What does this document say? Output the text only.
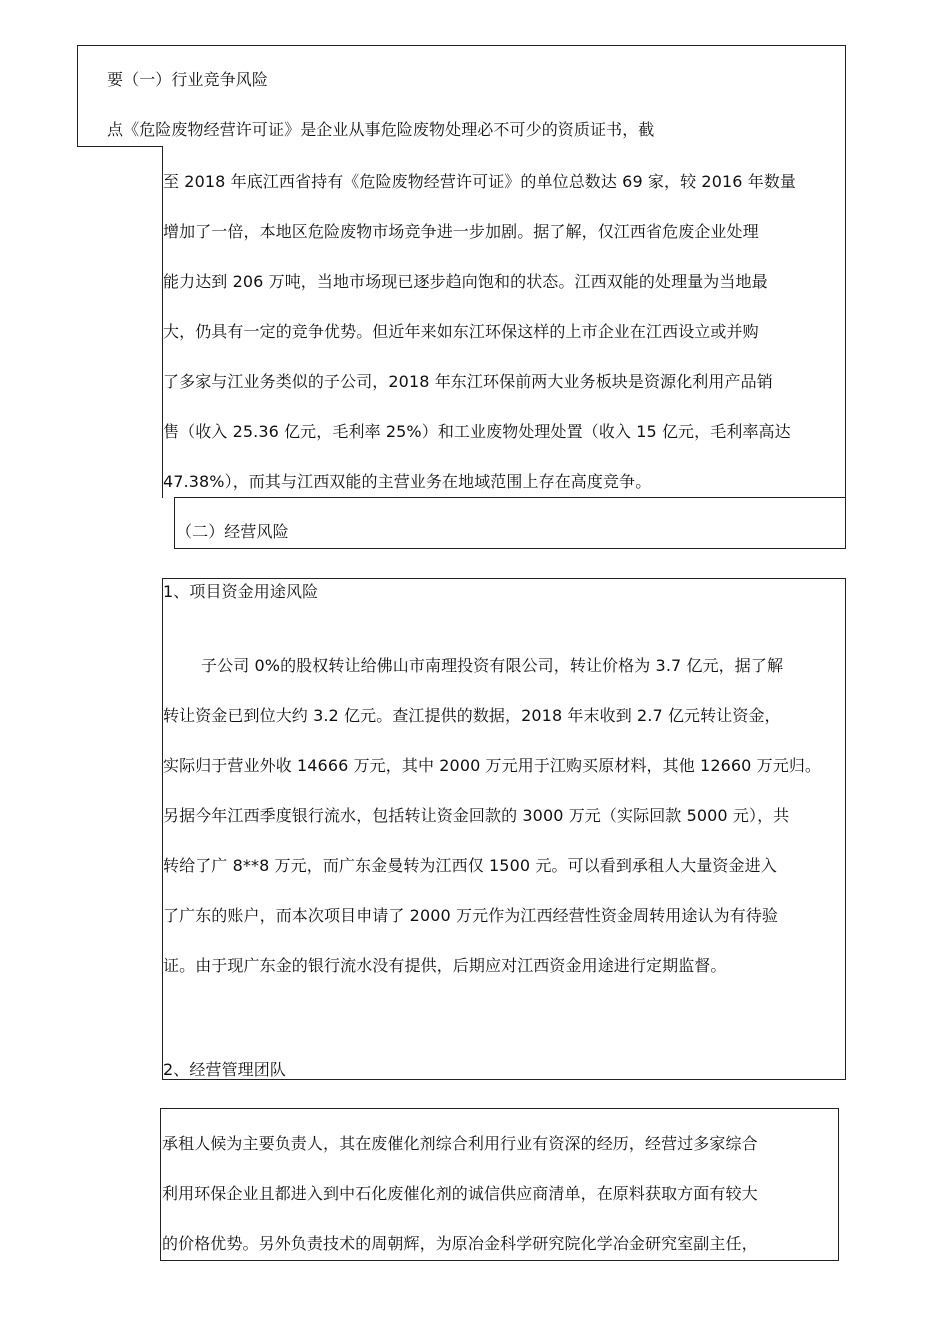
要（一）行业竞争风险
点《危险废物经营许可证》是企业从事危险废物处理必不可少的资质证书，截
至 2018 年底江西省持有《危险废物经营许可证》的单位总数达 69 家，较 2016 年数量
增加了一倍，本地区危险废物市场竞争进一步加剧。据了解，仅江西省危废企业处理
能力达到 206 万吨，当地市场现已逐步趋向饱和的状态。江西双能的处理量为当地最
大，仍具有一定的竞争优势。但近年来如东江环保这样的上市企业在江西设立或并购
了多家与江业务类似的子公司，2018 年东江环保前两大业务板块是资源化利用产品销
售（收入 25.36 亿元，毛利率 25%）和工业废物处理处置（收入 15 亿元，毛利率高达
47.38%），而其与江西双能的主营业务在地域范围上存在高度竞争。
（二）经营风险
1、项目资金用途风险
子公司 0%的股权转让给佛山市南理投资有限公司，转让价格为 3.7 亿元，据了解
转让资金已到位大约 3.2 亿元。查江提供的数据，2018 年末收到 2.7 亿元转让资金，
实际归于营业外收 14666 万元，其中 2000 万元用于江购买原材料，其他 12660 万元归。
另据今年江西季度银行流水，包括转让资金回款的 3000 万元（实际回款 5000 元），共
转给了广 8**8 万元，而广东金曼转为江西仅 1500 元。可以看到承租人大量资金进入
了广东的账户，而本次项目申请了 2000 万元作为江西经营性资金周转用途认为有待验
证。由于现广东金的银行流水没有提供，后期应对江西资金用途进行定期监督。
2、经营管理团队
承租人候为主要负责人，其在废催化剂综合利用行业有资深的经历，经营过多家综合
利用环保企业且都进入到中石化废催化剂的诚信供应商清单，在原料获取方面有较大
的价格优势。另外负责技术的周朝辉，为原冶金科学研究院化学冶金研究室副主任，
